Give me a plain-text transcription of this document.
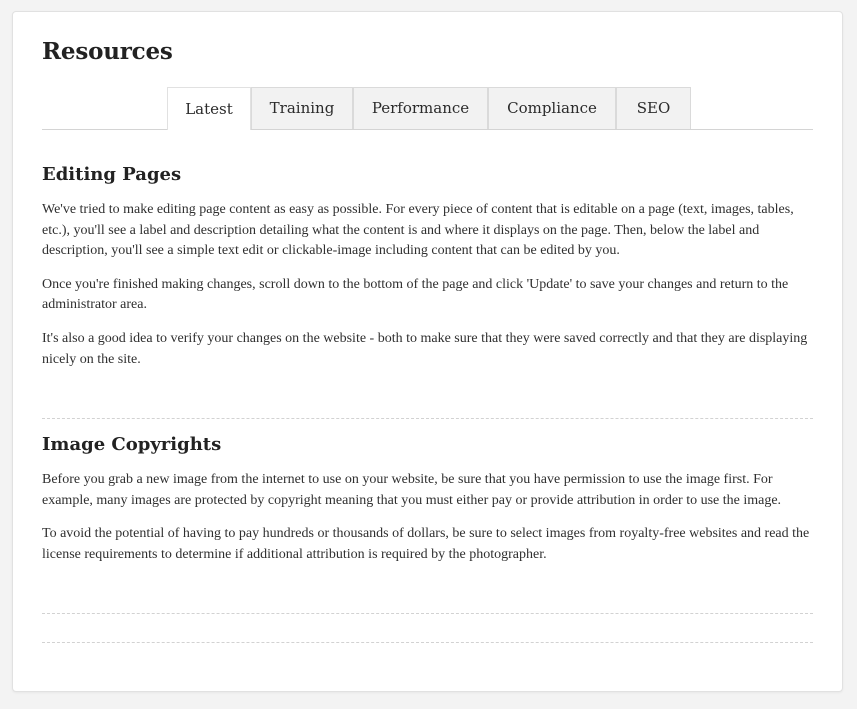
Resources
Latest	Training	Performance	Compliance	SEO
Editing Pages

We've tried to make editing page content as easy as possible. For every piece of content that is editable on a page (text, images, tables, etc.), you'll see a label and description detailing what the content is and where it displays on the page. Then, below the label and description, you'll see a simple text edit or clickable-image including content that can be edited by you.

Once you're finished making changes, scroll down to the bottom of the page and click 'Update' to save your changes and return to the administrator area.

It's also a good idea to verify your changes on the website - both to make sure that they were saved correctly and that they are displaying nicely on the site.

Image Copyrights

Before you grab a new image from the internet to use on your website, be sure that you have permission to use the image first. For example, many images are protected by copyright meaning that you must either pay or provide attribution in order to use the image.

To avoid the potential of having to pay hundreds or thousands of dollars, be sure to select images from royalty-free websites and read the license requirements to determine if additional attribution is required by the photographer.
